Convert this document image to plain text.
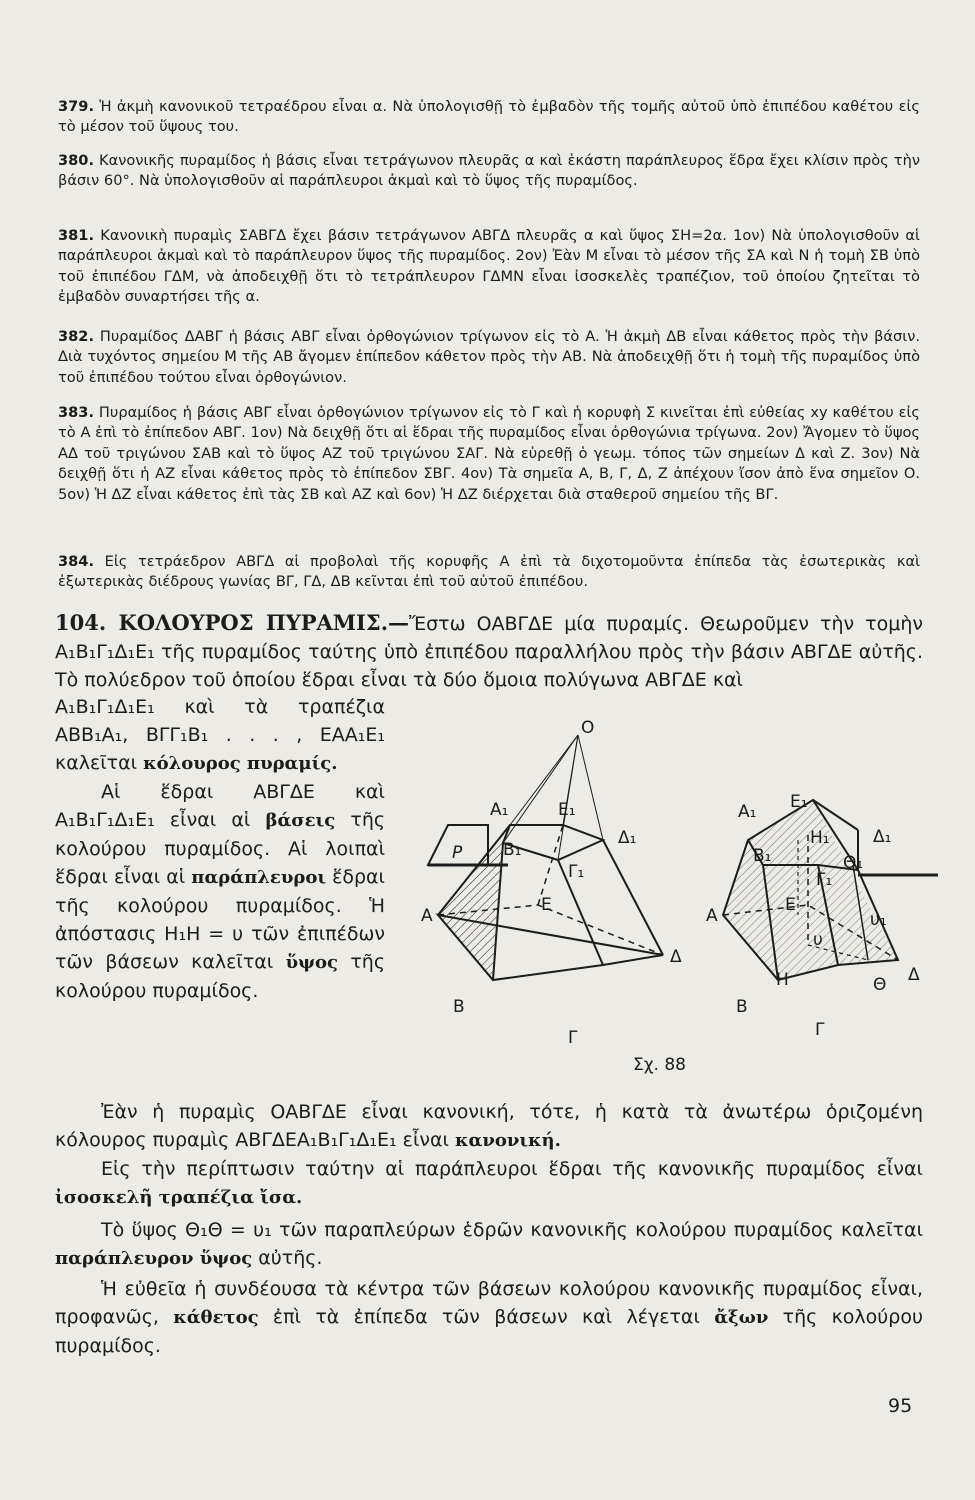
379. Ἡ ἀκμὴ κανονικοῦ τετραέδρου εἶναι α. Νὰ ὑπολογισθῇ τὸ ἐμβαδὸν τῆς τομῆς αὐτοῦ ὑπὸ ἐπιπέδου καθέτου εἰς τὸ μέσον τοῦ ὕψους του.

380. Κανονικῆς πυραμίδος ἡ βάσις εἶναι τετράγωνον πλευρᾶς α καὶ ἑκάστη παράπλευρος ἕδρα ἔχει κλίσιν πρὸς τὴν βάσιν 60°. Νὰ ὑπολογισθοῦν αἱ παράπλευροι ἀκμαὶ καὶ τὸ ὕψος τῆς πυραμίδος.

381. Κανονικὴ πυραμὶς ΣΑΒΓΔ ἔχει βάσιν τετράγωνον ΑΒΓΔ πλευρᾶς α καὶ ὕψος ΣΗ=2α. 1ον) Νὰ ὑπολογισθοῦν αἱ παράπλευροι ἀκμαὶ καὶ τὸ παράπλευρον ὕψος τῆς πυραμίδος. 2ον) Ἐὰν Μ εἶναι τὸ μέσον τῆς ΣΑ καὶ Ν ἡ τομὴ ΣΒ ὑπὸ τοῦ ἐπιπέδου ΓΔΜ, νὰ ἀποδειχθῇ ὅτι τὸ τετράπλευρον ΓΔΜΝ εἶναι ἰσοσκελὲς τραπέζιον, τοῦ ὁποίου ζητεῖται τὸ ἐμβαδὸν συναρτήσει τῆς α.

382. Πυραμίδος ΔΑΒΓ ἡ βάσις ΑΒΓ εἶναι ὀρθογώνιον τρίγωνον εἰς τὸ Α. Ἡ ἀκμὴ ΔΒ εἶναι κάθετος πρὸς τὴν βάσιν. Διὰ τυχόντος σημείου Μ τῆς ΑΒ ἄγομεν ἐπίπεδον κάθετον πρὸς τὴν ΑΒ. Νὰ ἀποδειχθῇ ὅτι ἡ τομὴ τῆς πυραμίδος ὑπὸ τοῦ ἐπιπέδου τούτου εἶναι ὀρθογώνιον.

383. Πυραμίδος ἡ βάσις ΑΒΓ εἶναι ὀρθογώνιον τρίγωνον εἰς τὸ Γ καὶ ἡ κορυφὴ Σ κινεῖται ἐπὶ εὐθείας xy καθέτου εἰς τὸ Α ἐπὶ τὸ ἐπίπεδον ΑΒΓ. 1ον) Νὰ δειχθῇ ὅτι αἱ ἕδραι τῆς πυραμίδος εἶναι ὀρθογώνια τρίγωνα. 2ον) Ἄγομεν τὸ ὕψος ΑΔ τοῦ τριγώνου ΣΑΒ καὶ τὸ ὕψος ΑΖ τοῦ τριγώνου ΣΑΓ. Νὰ εὑρεθῇ ὁ γεωμ. τόπος τῶν σημείων Δ καὶ Ζ. 3ον) Νὰ δειχθῇ ὅτι ἡ ΑΖ εἶναι κάθετος πρὸς τὸ ἐπίπεδον ΣΒΓ. 4ον) Τὰ σημεῖα Α, Β, Γ, Δ, Ζ ἀπέχουν ἴσον ἀπὸ ἕνα σημεῖον Ο. 5ον) Ἡ ΔΖ εἶναι κάθετος ἐπὶ τὰς ΣΒ καὶ ΑΖ καὶ 6ον) Ἡ ΔΖ διέρχεται διὰ σταθεροῦ σημείου τῆς ΒΓ.

384. Εἰς τετράεδρον ΑΒΓΔ αἱ προβολαὶ τῆς κορυφῆς Α ἐπὶ τὰ διχοτομοῦντα ἐπίπεδα τὰς ἐσωτερικὰς καὶ ἐξωτερικὰς διέδρους γωνίας ΒΓ, ΓΔ, ΔΒ κεῖνται ἐπὶ τοῦ αὐτοῦ ἐπιπέδου.

104. ΚΟΛΟΥΡΟΣ ΠΥΡΑΜΙΣ.—Ἔστω ΟΑΒΓΔΕ μία πυραμίς. Θεωροῦμεν τὴν τομὴν Α₁Β₁Γ₁Δ₁Ε₁ τῆς πυραμίδος ταύτης ὑπὸ ἐπιπέδου παραλλήλου πρὸς τὴν βάσιν ΑΒΓΔΕ αὐτῆς. Τὸ πολύεδρον τοῦ ὁποίου ἕδραι εἶναι τὰ δύο ὅμοια πολύγωνα ΑΒΓΔΕ καὶ

Α₁Β₁Γ₁Δ₁Ε₁ καὶ τὰ τραπέζια ΑΒΒ₁Α₁, ΒΓΓ₁Β₁ . . . , ΕΑΑ₁Ε₁ καλεῖται κόλουρος πυραμίς.
Αἱ ἕδραι ΑΒΓΔΕ καὶ Α₁Β₁Γ₁Δ₁Ε₁ εἶναι αἱ βάσεις τῆς κολούρου πυραμίδος. Αἱ λοιπαὶ ἕδραι εἶναι αἱ παράπλευροι ἕδραι τῆς κολούρου πυραμίδος. Ἡ ἀπόστασις Η₁Η = υ τῶν ἐπιπέδων τῶν βάσεων καλεῖται ὕψος τῆς κολούρου πυραμίδος.

O
A₁	E₁
Δ₁
B₁
Γ₁
A
E
Δ
B
Γ
P
A₁ E₁
Δ₁
H₁
B₁	Θ₁
Γ₁
A
E
υ₁
υ
H	Δ
Θ
B
Γ
Σχ. 88

Ἐὰν ἡ πυραμὶς ΟΑΒΓΔΕ εἶναι κανονική, τότε, ἡ κατὰ τὰ ἀνωτέρω ὁριζομένη κόλουρος πυραμὶς ΑΒΓΔΕΑ₁Β₁Γ₁Δ₁Ε₁ εἶναι κανονική.

Εἰς τὴν περίπτωσιν ταύτην αἱ παράπλευροι ἕδραι τῆς κανονικῆς πυραμίδος εἶναι ἰσοσκελῆ τραπέζια ἴσα.

Τὸ ὕψος Θ₁Θ = υ₁ τῶν παραπλεύρων ἑδρῶν κανονικῆς κολούρου πυραμίδος καλεῖται παράπλευρον ὕψος αὐτῆς.

Ἡ εὐθεῖα ἡ συνδέουσα τὰ κέντρα τῶν βάσεων κολούρου κανονικῆς πυραμίδος εἶναι, προφανῶς, κάθετος ἐπὶ τὰ ἐπίπεδα τῶν βάσεων καὶ λέγεται ἄξων τῆς κολούρου πυραμίδος.

95
